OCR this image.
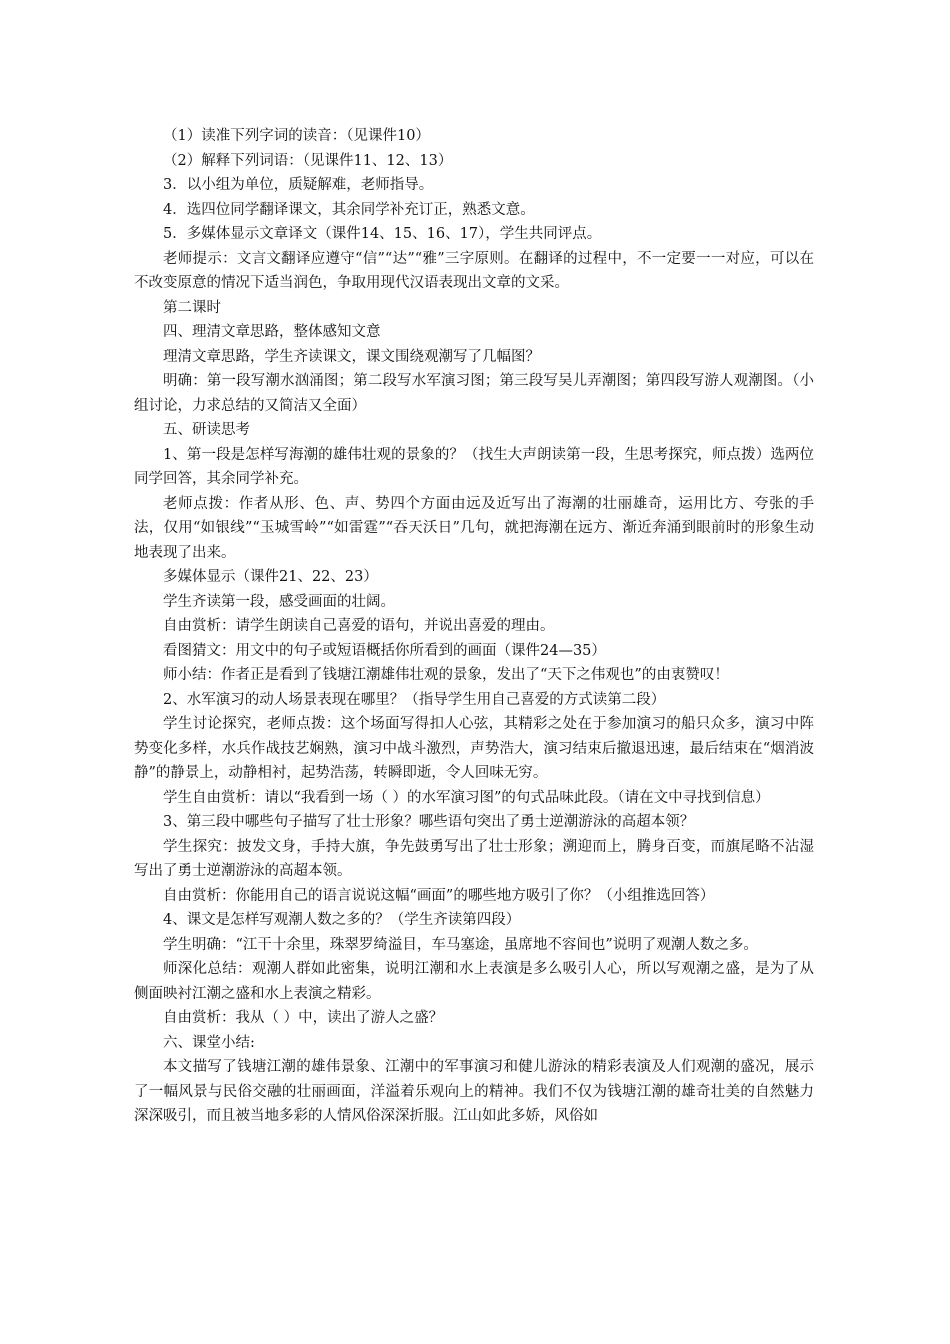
（1）读准下列字词的读音：（见课件10）

（2）解释下列词语：（见课件11、12、13）

3．以小组为单位，质疑解难，老师指导。

4．选四位同学翻译课文，其余同学补充订正，熟悉文意。

5．多媒体显示文章译文（课件14、15、16、17），学生共同评点。

老师提示：文言文翻译应遵守“信”“达”“雅”三字原则。在翻译的过程中，不一定要一一对应，可以在不改变原意的情况下适当润色，争取用现代汉语表现出文章的文采。

第二课时

四、理清文章思路，整体感知文意

理清文章思路，学生齐读课文，课文围绕观潮写了几幅图？

明确：第一段写潮水汹涌图；第二段写水军演习图；第三段写吴儿弄潮图；第四段写游人观潮图。（小组讨论，力求总结的又简洁又全面）

五、研读思考

1、第一段是怎样写海潮的雄伟壮观的景象的？（找生大声朗读第一段，生思考探究，师点拨）选两位同学回答，其余同学补充。

老师点拨：作者从形、色、声、势四个方面由远及近写出了海潮的壮丽雄奇，运用比方、夸张的手法，仅用“如银线”“玉城雪岭”“如雷霆”“吞天沃日”几句，就把海潮在远方、渐近奔涌到眼前时的形象生动地表现了出来。

多媒体显示（课件21、22、23）

学生齐读第一段，感受画面的壮阔。

自由赏析：请学生朗读自己喜爱的语句，并说出喜爱的理由。

看图猜文：用文中的句子或短语概括你所看到的画面（课件24—35）

师小结：作者正是看到了钱塘江潮雄伟壮观的景象，发出了“天下之伟观也”的由衷赞叹！

2、水军演习的动人场景表现在哪里？（指导学生用自己喜爱的方式读第二段）

学生讨论探究，老师点拨：这个场面写得扣人心弦，其精彩之处在于参加演习的船只众多，演习中阵势变化多样，水兵作战技艺娴熟，演习中战斗激烈，声势浩大，演习结束后撤退迅速，最后结束在“烟消波静”的静景上，动静相衬，起势浩荡，转瞬即逝，令人回味无穷。

学生自由赏析：请以“我看到一场（ ）的水军演习图”的句式品味此段。（请在文中寻找到信息）

3、第三段中哪些句子描写了壮士形象？哪些语句突出了勇士逆潮游泳的高超本领？

学生探究：披发文身，手持大旗，争先鼓勇写出了壮士形象；溯迎而上，腾身百变，而旗尾略不沾湿写出了勇士逆潮游泳的高超本领。

自由赏析：你能用自己的语言说说这幅“画面”的哪些地方吸引了你？（小组推选回答）

4、课文是怎样写观潮人数之多的？（学生齐读第四段）

学生明确：“江干十余里，珠翠罗绮溢目，车马塞途，虽席地不容间也”说明了观潮人数之多。

师深化总结：观潮人群如此密集，说明江潮和水上表演是多么吸引人心，所以写观潮之盛，是为了从侧面映衬江潮之盛和水上表演之精彩。

自由赏析：我从（ ）中，读出了游人之盛？

六、课堂小结:

本文描写了钱塘江潮的雄伟景象、江潮中的军事演习和健儿游泳的精彩表演及人们观潮的盛况，展示了一幅风景与民俗交融的壮丽画面，洋溢着乐观向上的精神。我们不仅为钱塘江潮的雄奇壮美的自然魅力深深吸引，而且被当地多彩的人情风俗深深折服。江山如此多娇，风俗如
